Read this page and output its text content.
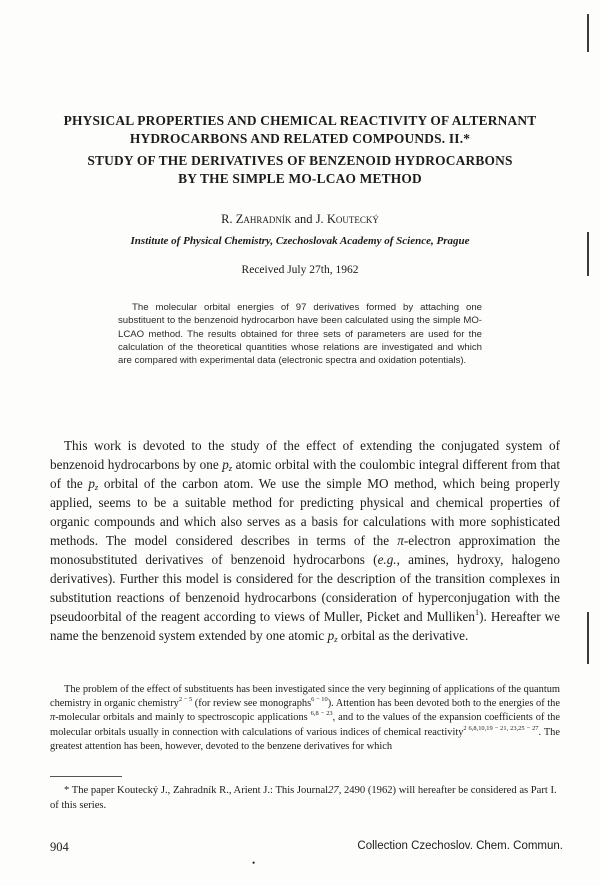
PHYSICAL PROPERTIES AND CHEMICAL REACTIVITY OF ALTERNANT
HYDROCARBONS AND RELATED COMPOUNDS. II.*
STUDY OF THE DERIVATIVES OF BENZENOID HYDROCARBONS
BY THE SIMPLE MO-LCAO METHOD
R. Zahradník and J. Koutecký
Institute of Physical Chemistry, Czechoslovak Academy of Science, Prague
Received July 27th, 1962
The molecular orbital energies of 97 derivatives formed by attaching one substituent to the benzenoid hydrocarbon have been calculated using the simple MO-LCAO method. The results obtained for three sets of parameters are used for the calculation of the theoretical quantities whose relations are investigated and which are compared with experimental data (electronic spectra and oxidation potentials).
This work is devoted to the study of the effect of extending the conjugated system of benzenoid hydrocarbons by one $p_z$ atomic orbital with the coulombic integral different from that of the $p_z$ orbital of the carbon atom. We use the simple MO method, which being properly applied, seems to be a suitable method for predicting physical and chemical properties of organic compounds and which also serves as a basis for calculations with more sophisticated methods. The model considered describes in terms of the π-electron approximation the monosubstituted derivatives of benzenoid hydrocarbons (e.g., amines, hydroxy, halogeno derivatives). Further this model is considered for the description of the transition complexes in substitution reactions of benzenoid hydrocarbons (consideration of hyperconjugation with the pseudoorbital of the reagent according to views of Muller, Picket and Mulliken$^1$). Hereafter we name the benzenoid system extended by one atomic $p_z$ orbital as the derivative.
The problem of the effect of substituents has been investigated since the very beginning of applications of the quantum chemistry in organic chemistry$^{2 - 5}$ (for review see monographs$^{6 - 10}$). Attention has been devoted both to the energies of the π-molecular orbitals and mainly to spectroscopic applications $^{6,8 - 23}$, and to the values of the expansion coefficients of the molecular orbitals usually in connection with calculations of various indices of chemical reactivity$^{2 6,8,10,19 - 21, 23,25 - 27}$. The greatest attention has been, however, devoted to the benzene derivatives for which
* The paper Koutecký J., Zahradník R., Arient J.: This Journal27, 2490 (1962) will hereafter be considered as Part I. of this series.
904	Collection Czechoslov. Chem. Commun.
•
